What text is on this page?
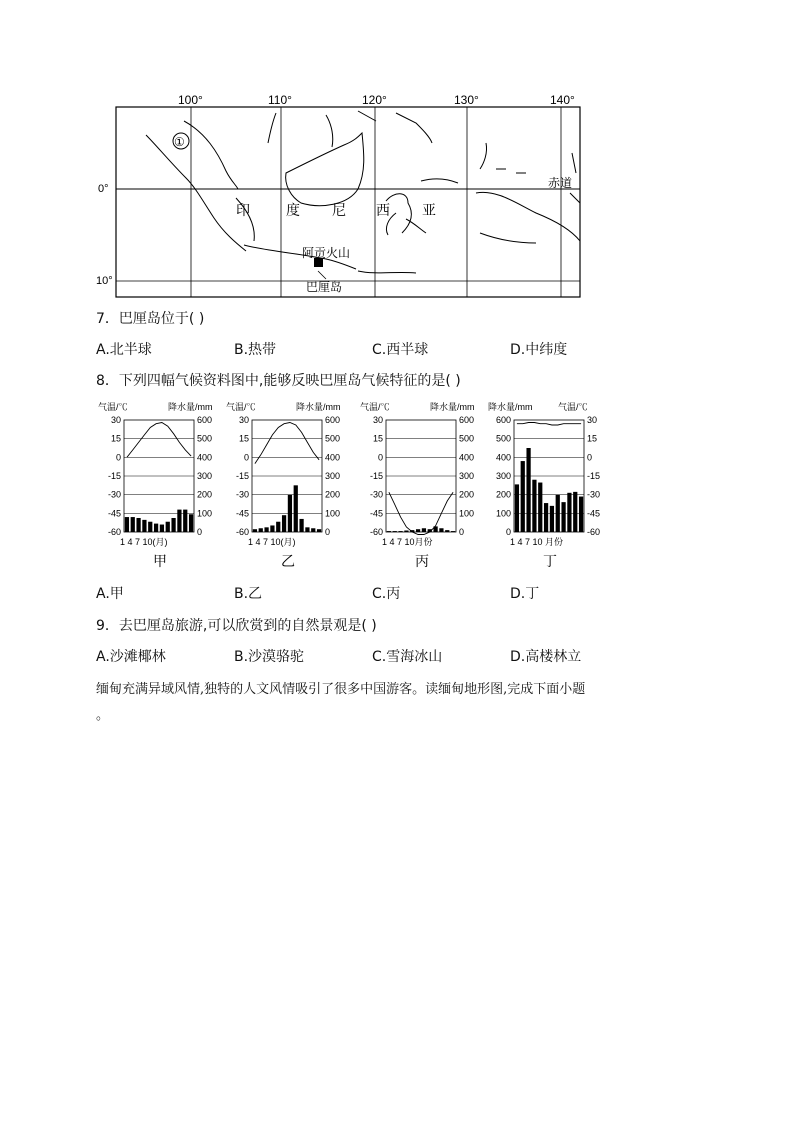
100°	110°	120°	130°	140°
0°
10°
赤道
①
印	度 尼 西 亚
阿贡火山
巴厘岛
7．巴厘岛位于( )
A.北半球	B.热带	C.西半球	D.中纬度
8．下列四幅气候资料图中,能够反映巴厘岛气候特征的是( )
气温/℃	降水量/mm
30	600
15	500
0	400
-15	300
-30	200
-45	100
-60	0
1 4 7 10(月)
甲
气温/℃	降水量/mm
30	600
15	500
0	400
-15	300
-30	200
-45	100
-60	0
1 4 7 10(月)
乙
气温/℃	降水量/mm
30	600
15	500
0	400
-15	300
-30	200
-45	100
-60	0
1 4 7 10月份
丙
降水量/mm	气温/℃
600	30
500	15
400	0
300	-15
200	-30
100	-45
0	-60
1 4 7 10 月份
丁
A.甲	B.乙	C.丙	D.丁
9．去巴厘岛旅游,可以欣赏到的自然景观是( )
A.沙滩椰林	B.沙漠骆驼	C.雪海冰山	D.高楼林立
缅甸充满异域风情,独特的人文风情吸引了很多中国游客。读缅甸地形图,完成下面小题
。
